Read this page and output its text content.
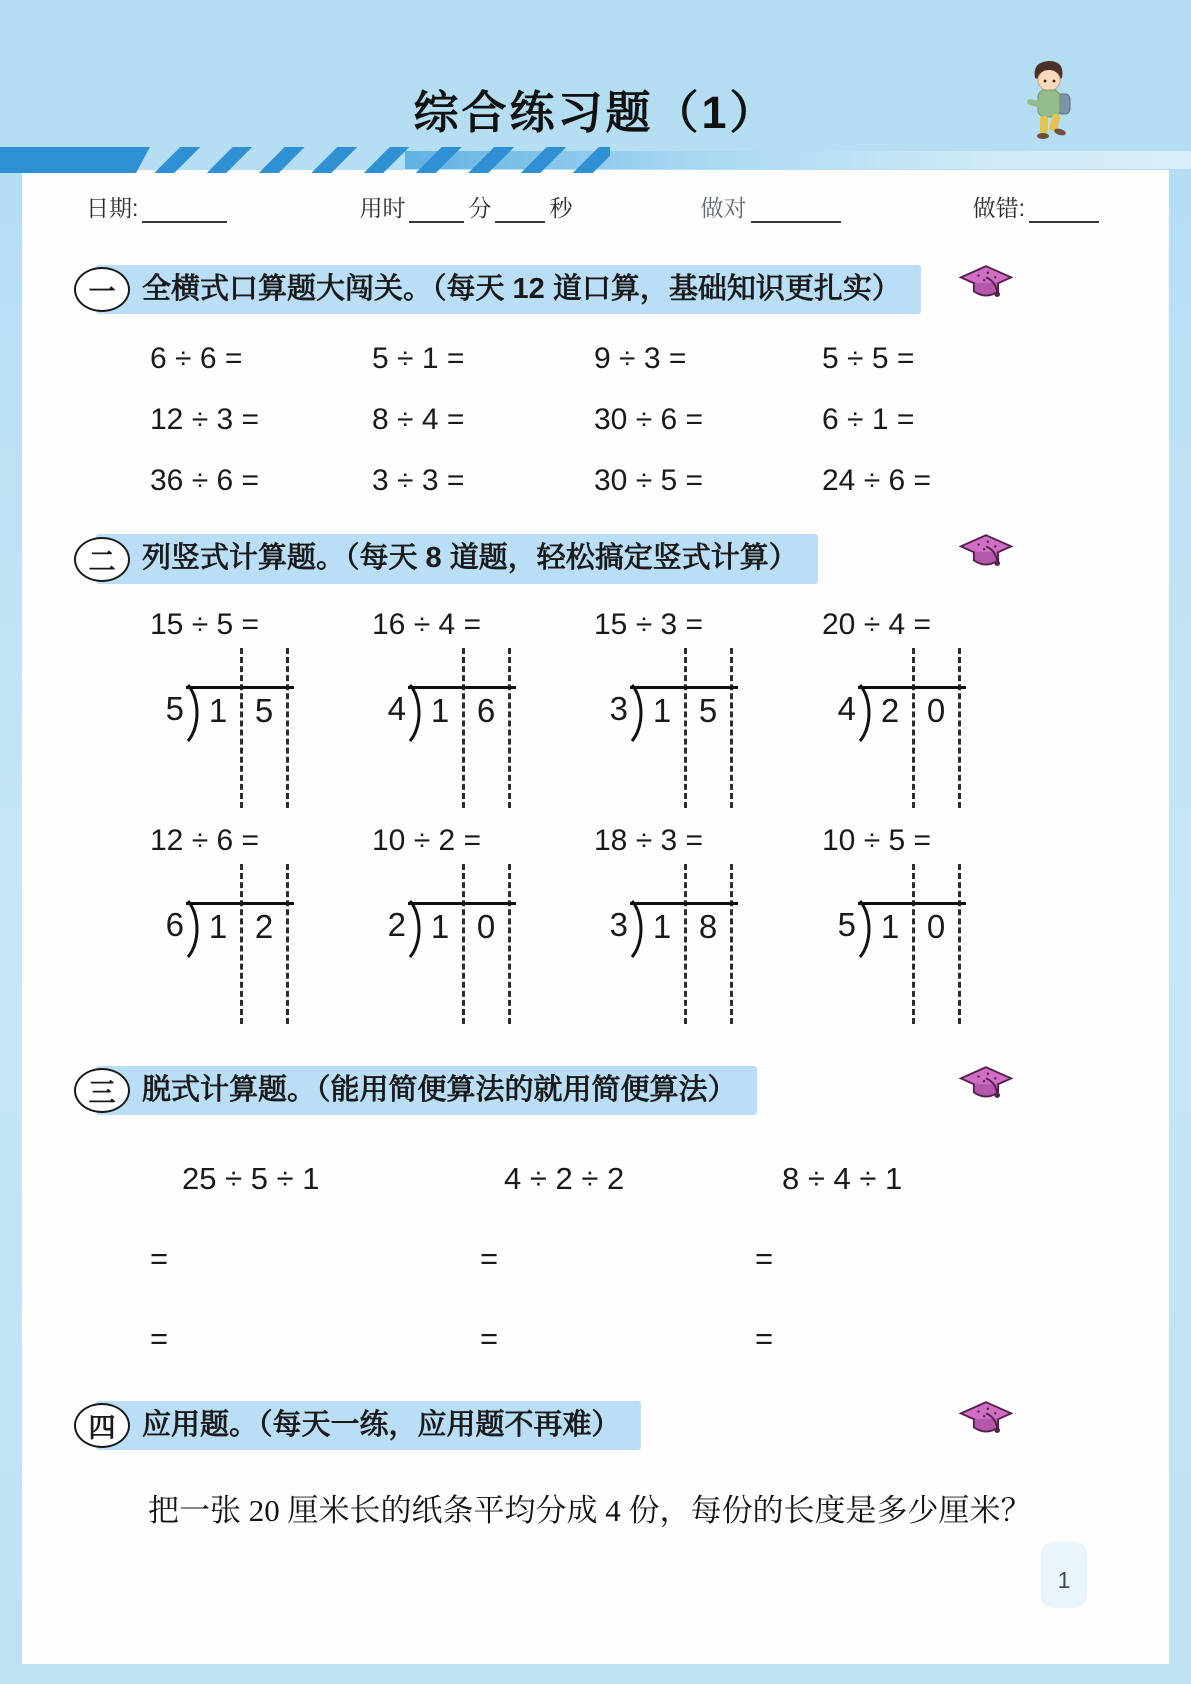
综合练习题（1）
日期:	用时	分	秒	做对	做错:
一 全横式口算题大闯关。（每天 12 道口算，基础知识更扎实）
6 ÷ 6 =	5 ÷ 1 =	9 ÷ 3 =	5 ÷ 5 =
12 ÷ 3 =	8 ÷ 4 =	30 ÷ 6 =	6 ÷ 1 =
36 ÷ 6 =	3 ÷ 3 =	30 ÷ 5 =	24 ÷ 6 =
二 列竖式计算题。（每天 8 道题，轻松搞定竖式计算）
15 ÷ 5 =	16 ÷ 4 =	15 ÷ 3 =	20 ÷ 4 =
5 1 5	4 1 6	3 1 5	4 2 0
12 ÷ 6 =	10 ÷ 2 =	18 ÷ 3 =	10 ÷ 5 =
6 1 2	2 1 0	3 1 8	5 1 0
三 脱式计算题。（能用简便算法的就用简便算法）
25 ÷ 5 ÷ 1	4 ÷ 2 ÷ 2	8 ÷ 4 ÷ 1
=	=	=
=	=	=
四 应用题。（每天一练，应用题不再难）

把一张 20 厘米长的纸条平均分成 4 份，每份的长度是多少厘米？

1
